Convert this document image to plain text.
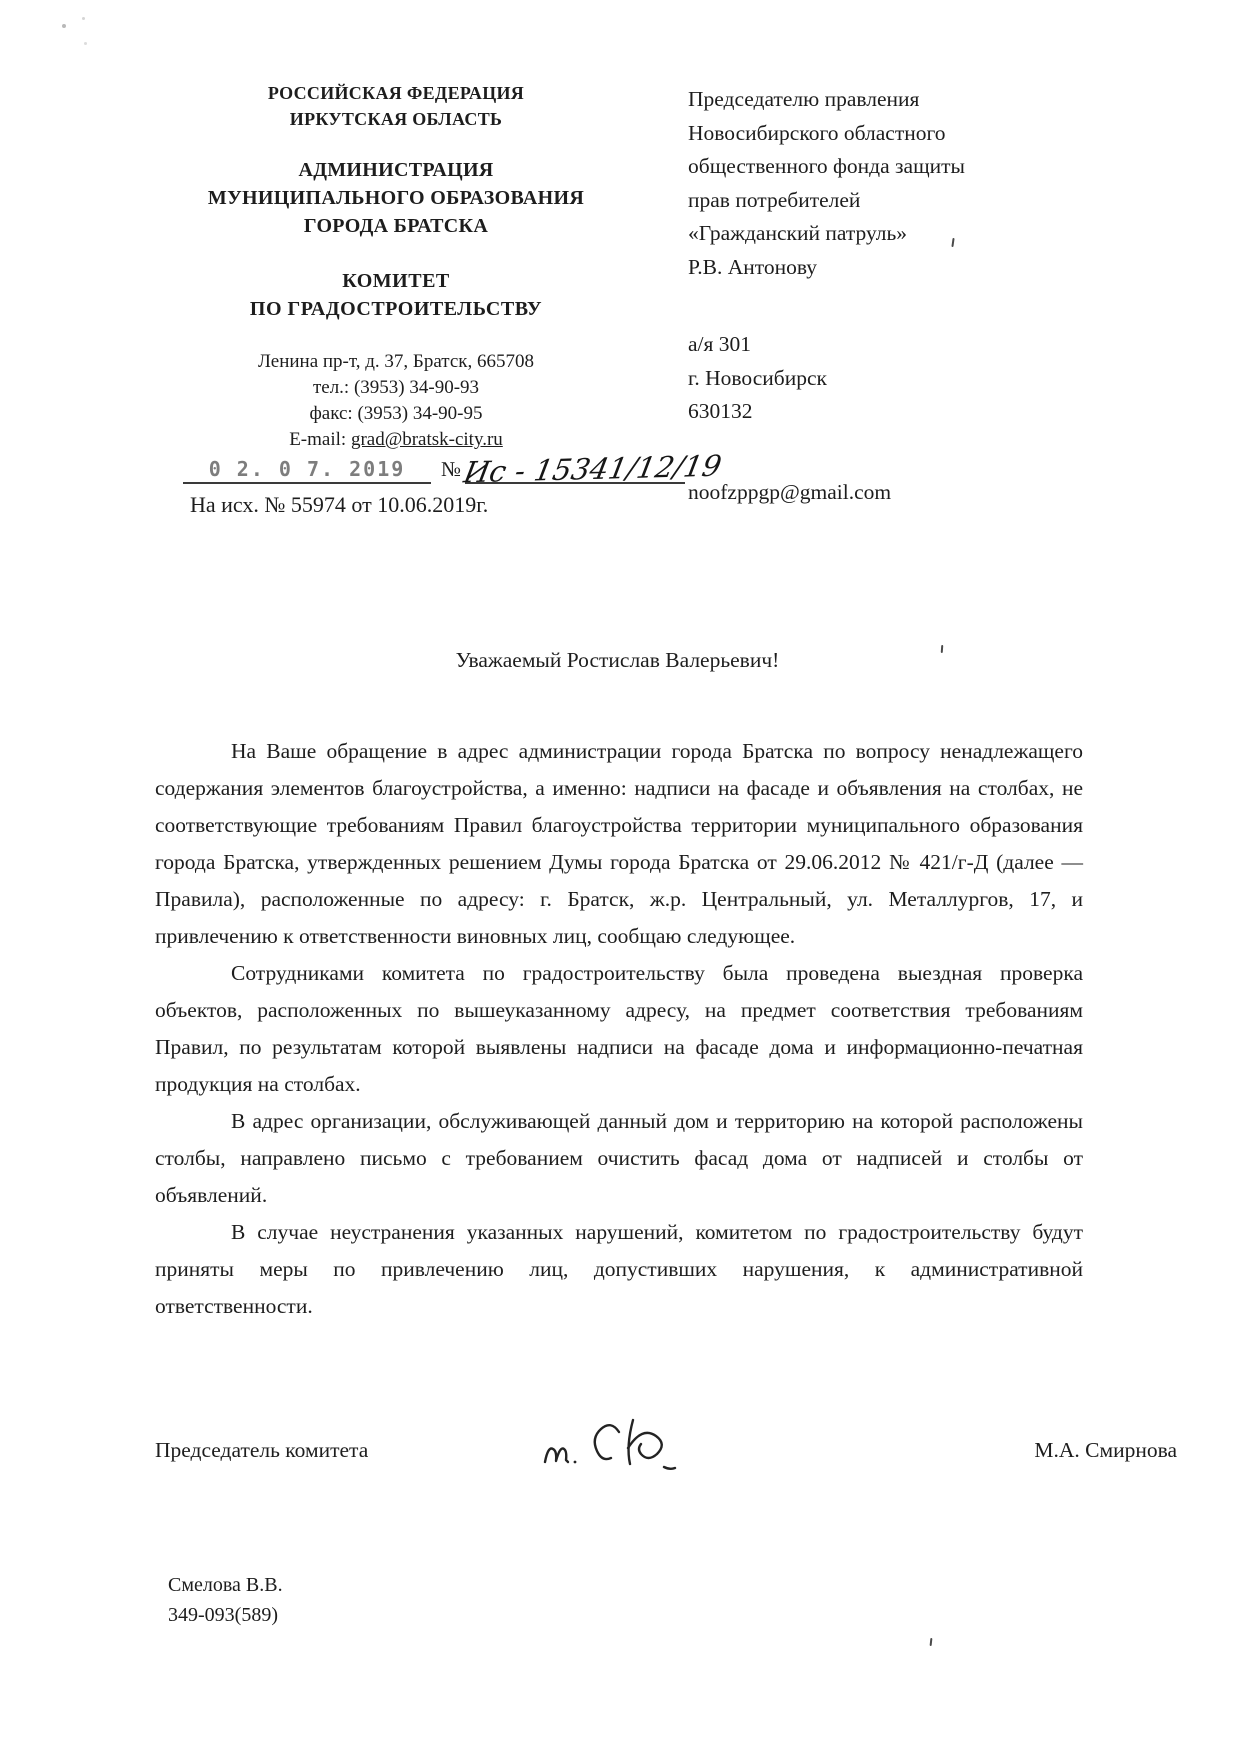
РОССИЙСКАЯ ФЕДЕРАЦИЯ
ИРКУТСКАЯ ОБЛАСТЬ
АДМИНИСТРАЦИЯ
МУНИЦИПАЛЬНОГО ОБРАЗОВАНИЯ
ГОРОДА БРАТСКА
КОМИТЕТ
ПО ГРАДОСТРОИТЕЛЬСТВУ
Ленина пр-т, д. 37, Братск, 665708
тел.: (3953) 34-90-93
факс: (3953) 34-90-95
E-mail: grad@bratsk-city.ru
0 2. 0 7. 2019	№ Ис - 15341/12/19
На исх. № 55974 от 10.06.2019г.
Председателю правления
Новосибирского областного
общественного фонда защиты
прав потребителей
«Гражданский патруль»
Р.В. Антонову
а/я 301
г. Новосибирск
630132
noofzppgp@gmail.com
Уважаемый Ростислав Валерьевич!

На Ваше обращение в адрес администрации города Братска по вопросу ненадлежащего содержания элементов благоустройства, а именно: надписи на фасаде и объявления на столбах, не соответствующие требованиям Правил благоустройства территории муниципального образования города Братска, утвержденных решением Думы города Братска от 29.06.2012 № 421/г-Д (далее — Правила), расположенные по адресу: г. Братск, ж.р. Центральный, ул. Металлургов, 17, и привлечению к ответственности виновных лиц, сообщаю следующее.

Сотрудниками комитета по градостроительству была проведена выездная проверка объектов, расположенных по вышеуказанному адресу, на предмет соответствия требованиям Правил, по результатам которой выявлены надписи на фасаде дома и информационно-печатная продукция на столбах.

В адрес организации, обслуживающей данный дом и территорию на которой расположены столбы, направлено письмо с требованием очистить фасад дома от надписей и столбы от объявлений.

В случае неустранения указанных нарушений, комитетом по градостроительству будут приняты меры по привлечению лиц, допустивших нарушения, к административной ответственности.

Председатель комитета	М.А. Смирнова
Смелова В.В.
349-093(589)
